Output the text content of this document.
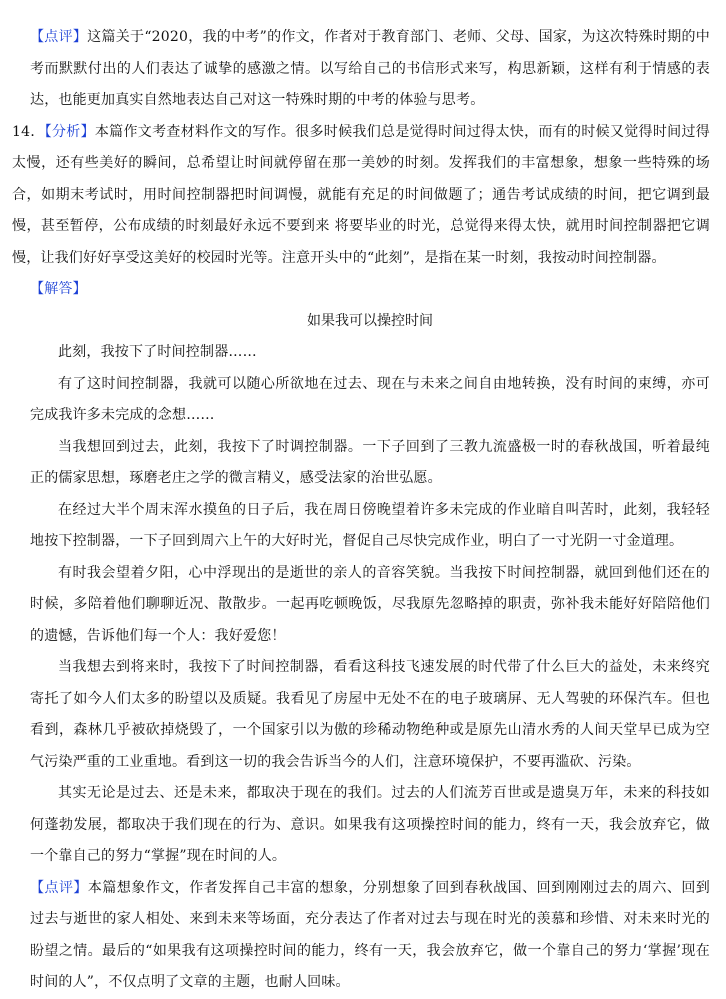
【点评】这篇关于“2020，我的中考”的作文，作者对于教育部门、老师、父母、国家，为这次特殊时期的中考而默默付出的人们表达了诚挚的感激之情。以写给自己的书信形式来写，构思新颖，这样有利于情感的表达，也能更加真实自然地表达自己对这一特殊时期的中考的体验与思考。

14．【分析】本篇作文考查材料作文的写作。很多时候我们总是觉得时间过得太快，而有的时候又觉得时间过得太慢，还有些美好的瞬间，总希望让时间就停留在那一美妙的时刻。发挥我们的丰富想象，想象一些特殊的场合，如期末考试时，用时间控制器把时间调慢，就能有充足的时间做题了；通告考试成绩的时间，把它调到最慢，甚至暂停，公布成绩的时刻最好永远不要到来 将要毕业的时光，总觉得来得太快，就用时间控制器把它调慢，让我们好好享受这美好的校园时光等。注意开头中的“此刻”，是指在某一时刻，我按动时间控制器。

【解答】

如果我可以操控时间

此刻，我按下了时间控制器……

有了这时间控制器，我就可以随心所欲地在过去、现在与未来之间自由地转换，没有时间的束缚，亦可完成我许多未完成的念想……

当我想回到过去，此刻，我按下了时调控制器。一下子回到了三教九流盛极一时的春秋战国，听着最纯正的儒家思想，琢磨老庄之学的微言精义，感受法家的治世弘愿。

在经过大半个周末浑水摸鱼的日子后，我在周日傍晚望着许多未完成的作业暗自叫苦时，此刻，我轻轻地按下控制器，一下子回到周六上午的大好时光，督促自己尽快完成作业，明白了一寸光阴一寸金道理。

有时我会望着夕阳，心中浮现出的是逝世的亲人的音容笑貌。当我按下时间控制器，就回到他们还在的时候，多陪着他们聊聊近况、散散步。一起再吃顿晚饭，尽我原先忽略掉的职责，弥补我未能好好陪陪他们的遗憾，告诉他们每一个人：我好爱您！

当我想去到将来时，我按下了时间控制器，看看这科技飞速发展的时代带了什么巨大的益处，未来终究寄托了如今人们太多的盼望以及质疑。我看见了房屋中无处不在的电子玻璃屏、无人驾驶的环保汽车。但也看到，森林几乎被砍掉烧毁了，一个国家引以为傲的珍稀动物绝种或是原先山清水秀的人间天堂早已成为空气污染严重的工业重地。看到这一切的我会告诉当今的人们，注意环境保护，不要再滥砍、污染。

其实无论是过去、还是未来，都取决于现在的我们。过去的人们流芳百世或是遗臭万年，未来的科技如何蓬勃发展，都取决于我们现在的行为、意识。如果我有这项操控时间的能力，终有一天，我会放弃它，做一个靠自己的努力“掌握”现在时间的人。

【点评】本篇想象作文，作者发挥自己丰富的想象，分别想象了回到春秋战国、回到刚刚过去的周六、回到过去与逝世的家人相处、来到未来等场面，充分表达了作者对过去与现在时光的羡慕和珍惜、对未来时光的盼望之情。最后的“如果我有这项操控时间的能力，终有一天，我会放弃它，做一个靠自己的努力‘掌握’现在时间的人”，不仅点明了文章的主题，也耐人回味。
